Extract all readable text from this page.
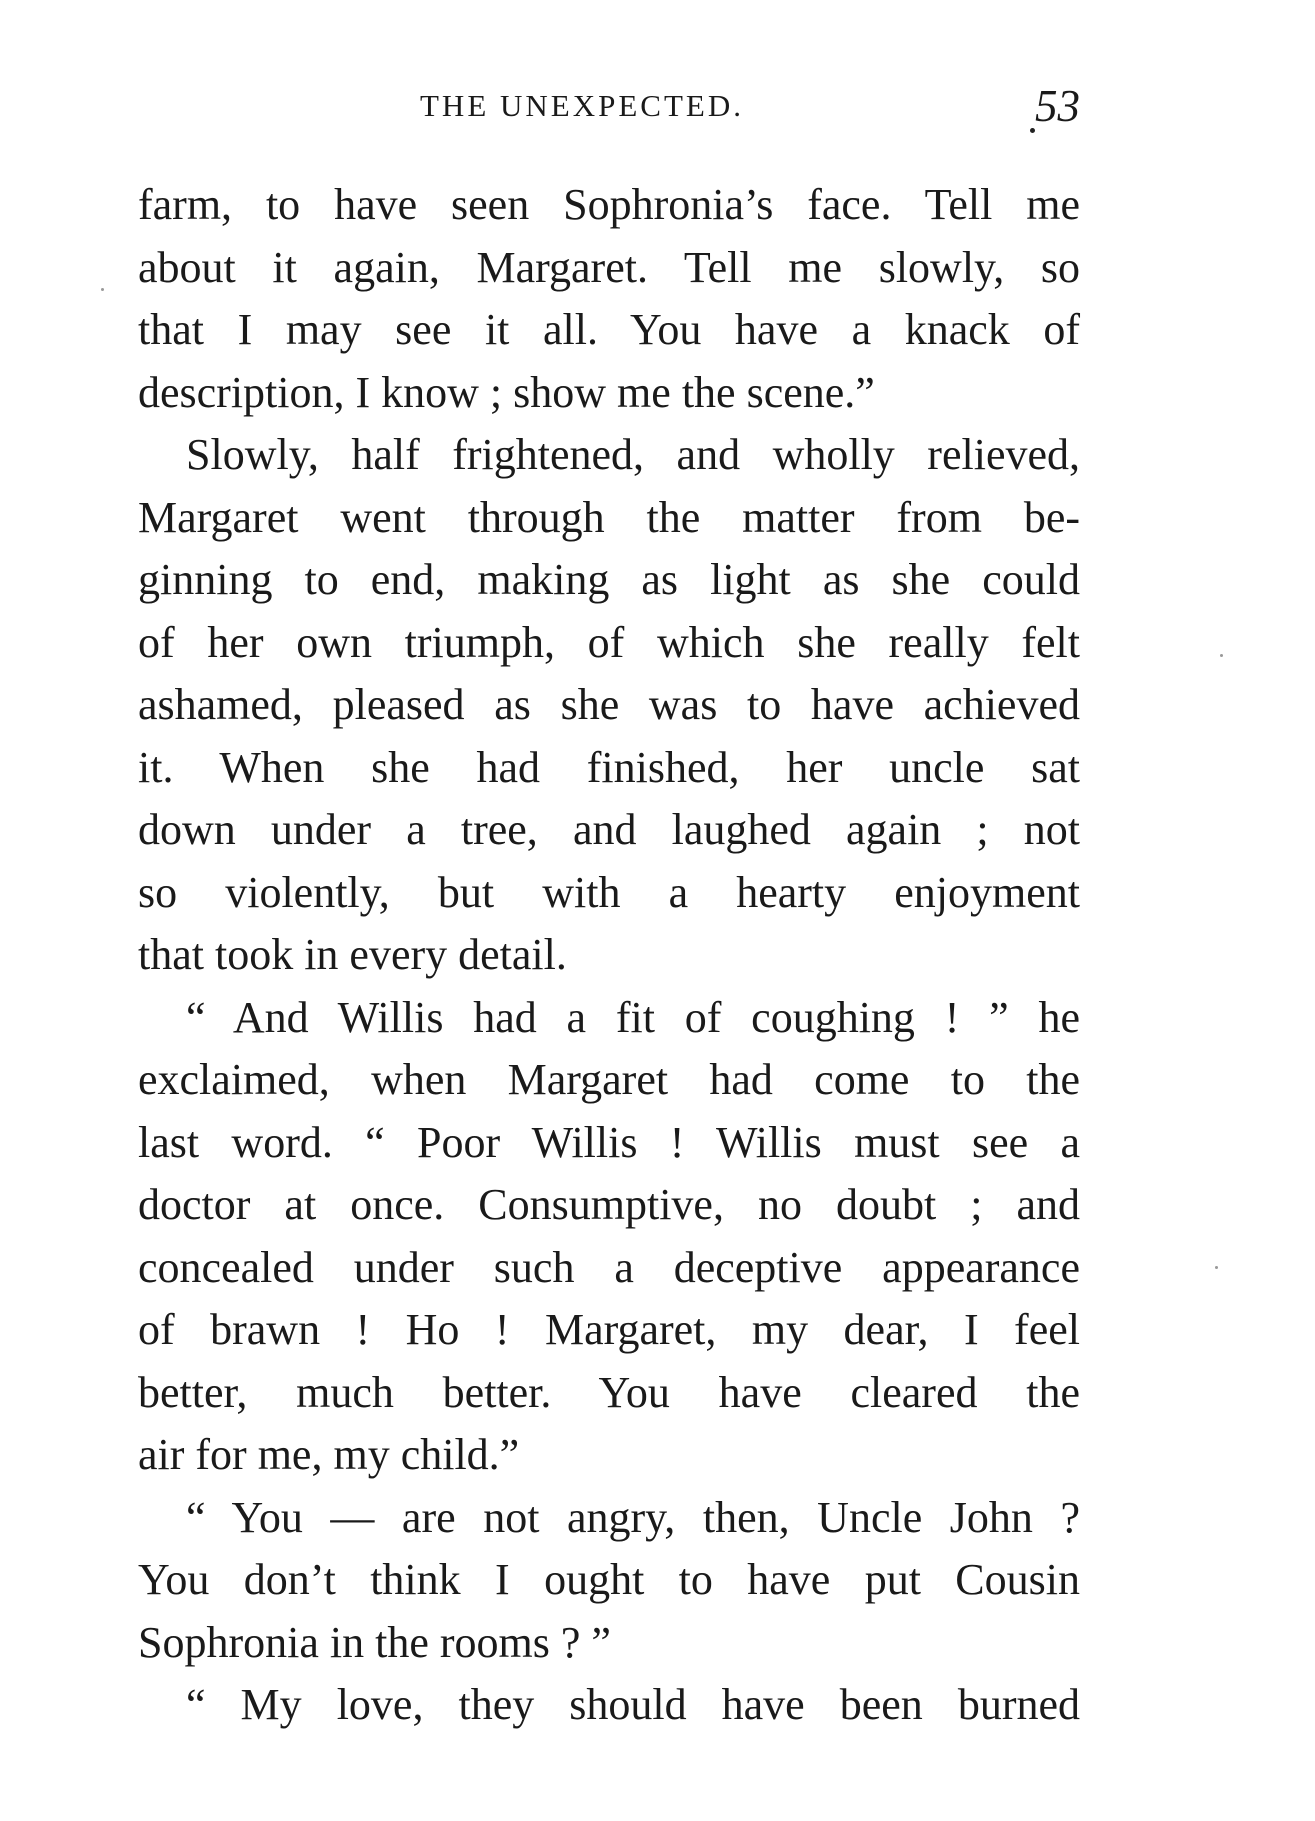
THE UNEXPECTED.	53
farm, to have seen Sophronia’s face. Tell me
about it again, Margaret. Tell me slowly, so
that I may see it all. You have a knack of
description, I know ; show me the scene.”
Slowly, half frightened, and wholly relieved,
Margaret went through the matter from be-
ginning to end, making as light as she could
of her own triumph, of which she really felt
ashamed, pleased as she was to have achieved
it. When she had finished, her uncle sat
down under a tree, and laughed again ; not
so violently, but with a hearty enjoyment
that took in every detail.
“ And Willis had a fit of coughing ! ” he
exclaimed, when Margaret had come to the
last word. “ Poor Willis ! Willis must see a
doctor at once. Consumptive, no doubt ; and
concealed under such a deceptive appearance
of brawn ! Ho ! Margaret, my dear, I feel
better, much better. You have cleared the
air for me, my child.”
“ You — are not angry, then, Uncle John ?
You don’t think I ought to have put Cousin
Sophronia in the rooms ? ”
“ My love, they should have been burned
